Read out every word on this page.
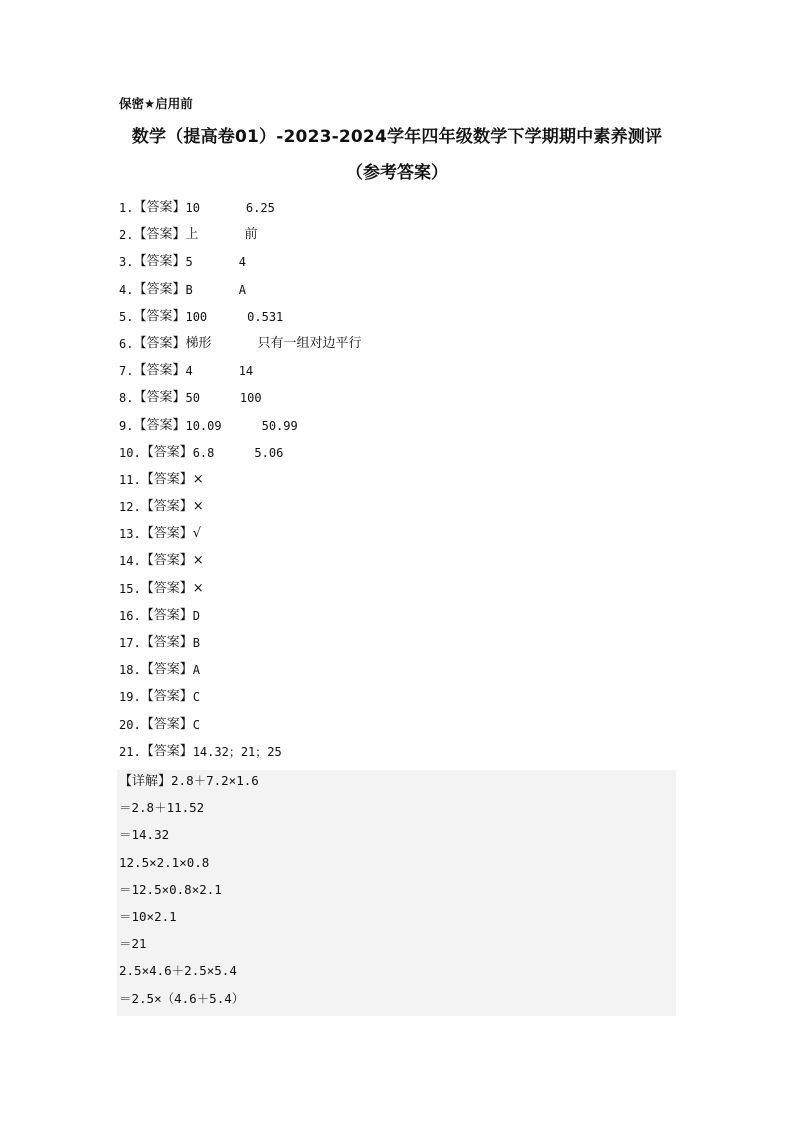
保密★启用前
数学（提高卷01）-2023-2024学年四年级数学下学期期中素养测评
（参考答案）
1. 【答案】 10	6.25
2. 【答案】 上	前
3. 【答案】 5	4
4. 【答案】 B	A
5. 【答案】 100	0.531
6. 【答案】 梯形	只有一组对边平行
7. 【答案】 4	14
8. 【答案】 50	100
9. 【答案】 10.09	50.99
10. 【答案】 6.8	5.06
11. 【答案】 ×
12. 【答案】 ×
13. 【答案】 √
14. 【答案】 ×
15. 【答案】 ×
16. 【答案】 D
17. 【答案】 B
18. 【答案】 A
19. 【答案】 C
20. 【答案】 C
21. 【答案】 14.32；21；25
【详解】2.8＋7.2×1.6
＝2.8＋11.52
＝14.32
12.5×2.1×0.8
＝12.5×0.8×2.1
＝10×2.1
＝21
2.5×4.6＋2.5×5.4
＝2.5×（4.6＋5.4）
